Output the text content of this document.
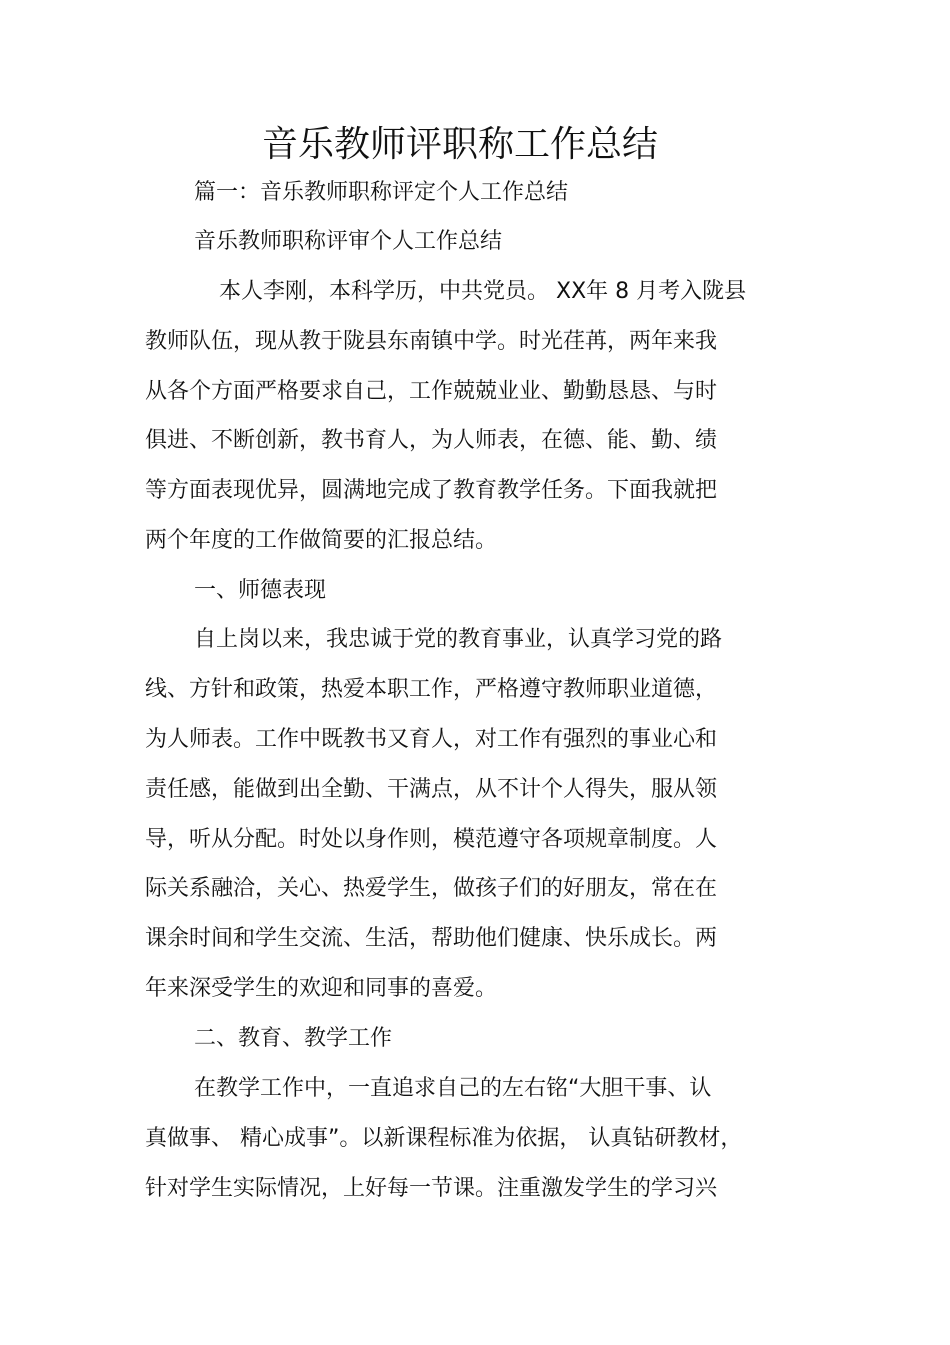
音乐教师评职称工作总结
篇一：音乐教师职称评定个人工作总结
音乐教师职称评审个人工作总结
本人李刚，本科学历，中共党员。 XX年 8 月考入陇县
教师队伍，现从教于陇县东南镇中学。时光荏苒，两年来我
从各个方面严格要求自己，工作兢兢业业、勤勤恳恳、与时
俱进、不断创新，教书育人，为人师表，在德、能、勤、绩
等方面表现优异，圆满地完成了教育教学任务。下面我就把
两个年度的工作做简要的汇报总结。
一、师德表现
自上岗以来，我忠诚于党的教育事业，认真学习党的路
线、方针和政策，热爱本职工作，严格遵守教师职业道德，
为人师表。工作中既教书又育人，对工作有强烈的事业心和
责任感，能做到出全勤、干满点，从不计个人得失，服从领
导，听从分配。时处以身作则，模范遵守各项规章制度。人
际关系融洽，关心、热爱学生，做孩子们的好朋友，常在在
课余时间和学生交流、生活，帮助他们健康、快乐成长。两
年来深受学生的欢迎和同事的喜爱。
二、教育、教学工作
在教学工作中，一直追求自己的左右铭“大胆干事、认
真做事、 精心成事”。以新课程标准为依据， 认真钻研教材，
针对学生实际情况，上好每一节课。注重激发学生的学习兴
